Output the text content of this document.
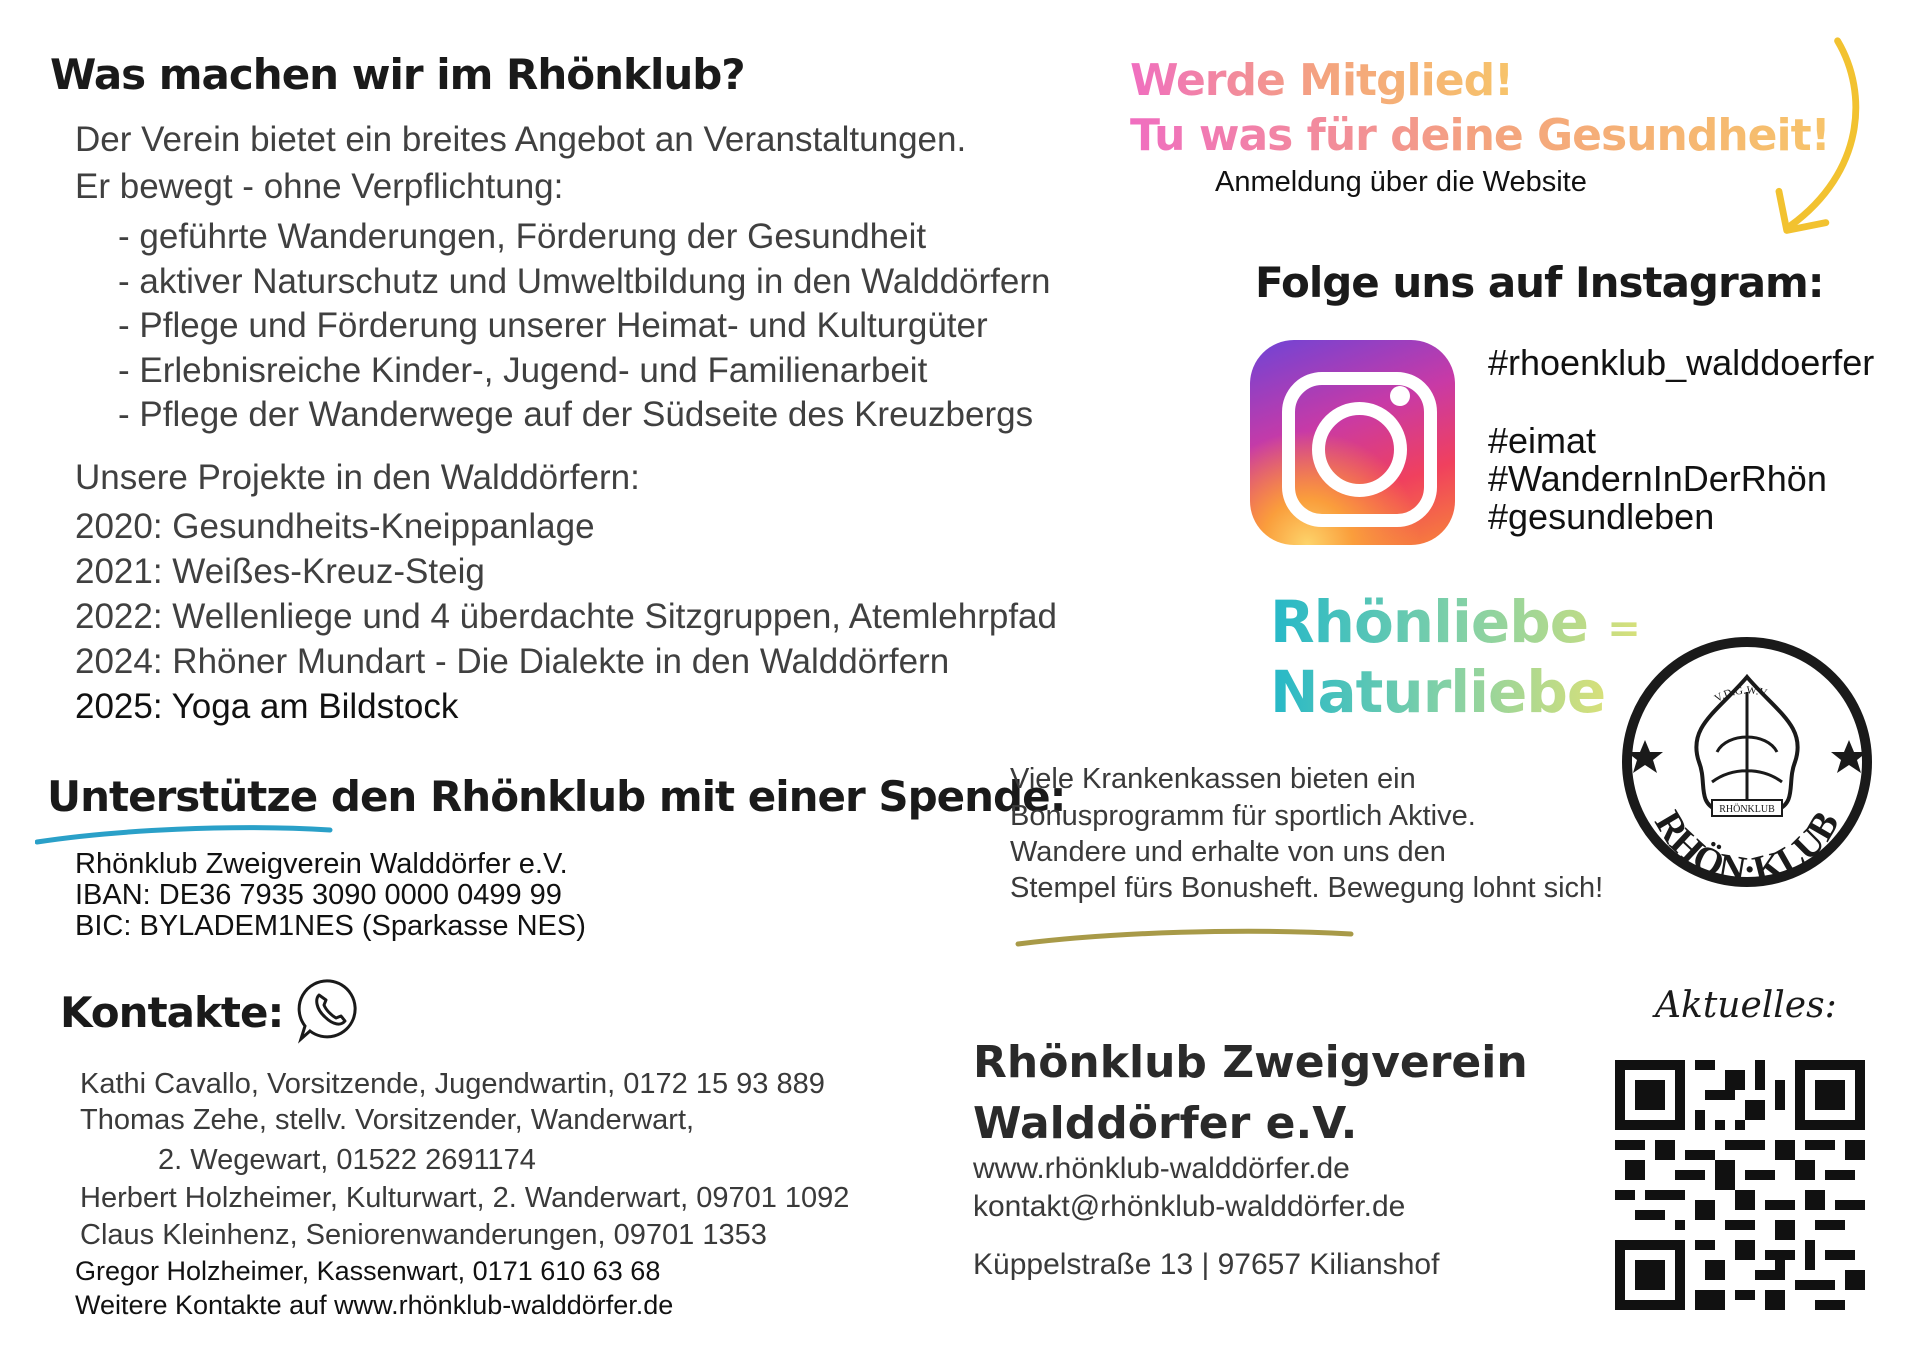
Was machen wir im Rhönklub?
Der Verein bietet ein breites Angebot an Veranstaltungen.
Er bewegt - ohne Verpflichtung:
- geführte Wanderungen, Förderung der Gesundheit
- aktiver Naturschutz und Umweltbildung in den Walddörfern
- Pflege und Förderung unserer Heimat- und Kulturgüter
- Erlebnisreiche Kinder-, Jugend- und Familienarbeit
- Pflege der Wanderwege auf der Südseite des Kreuzbergs
Unsere Projekte in den Walddörfern:
2020: Gesundheits-Kneippanlage
2021: Weißes-Kreuz-Steig
2022: Wellenliege und 4 überdachte Sitzgruppen, Atemlehrpfad
2024: Rhöner Mundart - Die Dialekte in den Walddörfern
2025: Yoga am Bildstock
Werde Mitglied!
Tu was für deine Gesundheit!
Anmeldung über die Website
Folge uns auf Instagram:
#rhoenklub_walddoerfer
#eimat
#WandernInDerRhön
#gesundleben
Rhönliebe =
Naturliebe	V.D.G.W.V.
RHÖNKLUB
RHÖN·KLUB
Unterstütze den Rhönklub mit einer Spende:
Rhönklub Zweigverein Walddörfer e.V.
IBAN: DE36 7935 3090 0000 0499 99
BIC: BYLADEM1NES (Sparkasse NES)
Viele Krankenkassen bieten ein
Bonusprogramm für sportlich Aktive.
Wandere und erhalte von uns den
Stempel fürs Bonusheft. Bewegung lohnt sich!
Kontakte:
Kathi Cavallo, Vorsitzende, Jugendwartin, 0172 15 93 889
Thomas Zehe, stellv. Vorsitzender, Wanderwart,
2. Wegewart, 01522 2691174
Herbert Holzheimer, Kulturwart, 2. Wanderwart, 09701 1092
Claus Kleinhenz, Seniorenwanderungen, 09701 1353
Gregor Holzheimer, Kassenwart, 0171 610 63 68
Weitere Kontakte auf www.rhönklub-walddörfer.de
Rhönklub Zweigverein
Walddörfer e.V.
www.rhönklub-walddörfer.de
kontakt@rhönklub-walddörfer.de
Küppelstraße 13 | 97657 Kilianshof
Aktuelles:
